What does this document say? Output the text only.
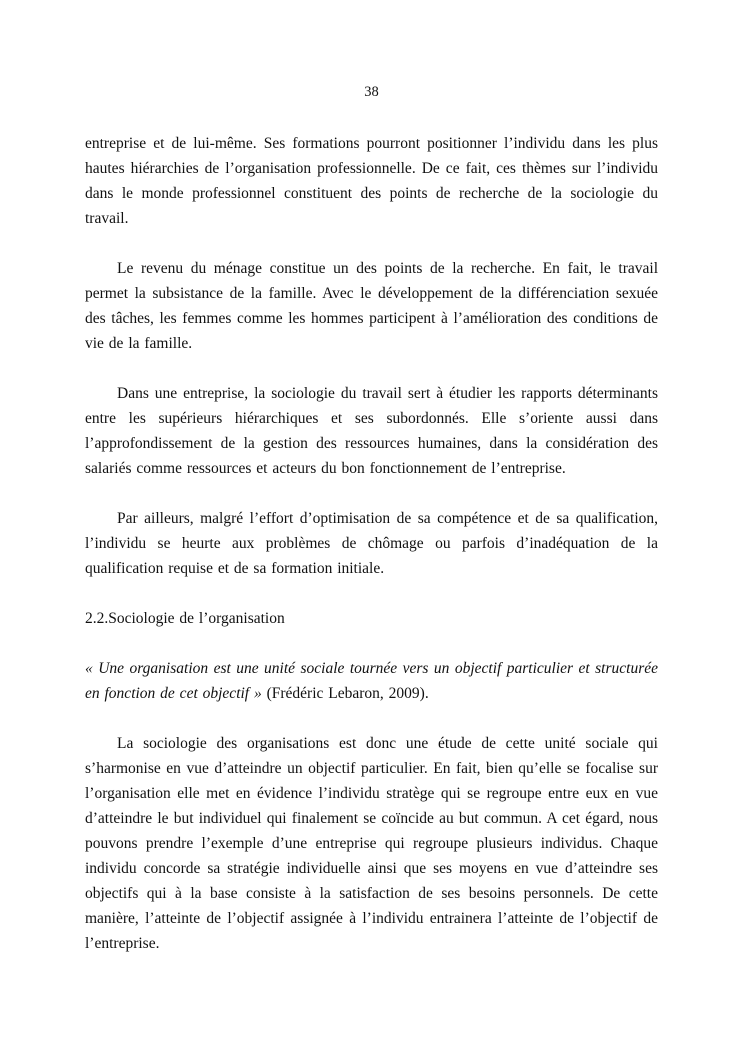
38

entreprise et de lui-même. Ses formations pourront positionner l’individu dans les plus hautes hiérarchies de l’organisation professionnelle. De ce fait, ces thèmes sur l’individu dans le monde professionnel constituent des points de recherche de la sociologie du travail.

Le revenu du ménage constitue un des points de la recherche. En fait, le travail permet la subsistance de la famille. Avec le développement de la différenciation sexuée des tâches, les femmes comme les hommes participent à l’amélioration des conditions de vie de la famille.

Dans une entreprise, la sociologie du travail sert à étudier les rapports déterminants entre les supérieurs hiérarchiques et ses subordonnés. Elle s’oriente aussi dans l’approfondissement de la gestion des ressources humaines, dans la considération des salariés comme ressources et acteurs du bon fonctionnement de l’entreprise.

Par ailleurs, malgré l’effort d’optimisation de sa compétence et de sa qualification, l’individu se heurte aux problèmes de chômage ou parfois d’inadéquation de la qualification requise et de sa formation initiale.

2.2.Sociologie de l’organisation

« Une organisation est une unité sociale tournée vers un objectif particulier et structurée en fonction de cet objectif » (Frédéric Lebaron, 2009).

La sociologie des organisations est donc une étude de cette unité sociale qui s’harmonise en vue d’atteindre un objectif particulier. En fait, bien qu’elle se focalise sur l’organisation elle met en évidence l’individu stratège qui se regroupe entre eux en vue d’atteindre le but individuel qui finalement se coïncide au but commun. A cet égard, nous pouvons prendre l’exemple d’une entreprise qui regroupe plusieurs individus. Chaque individu concorde sa stratégie individuelle ainsi que ses moyens en vue d’atteindre ses objectifs qui à la base consiste à la satisfaction de ses besoins personnels. De cette manière, l’atteinte de l’objectif assignée à l’individu entrainera l’atteinte de l’objectif de l’entreprise.
